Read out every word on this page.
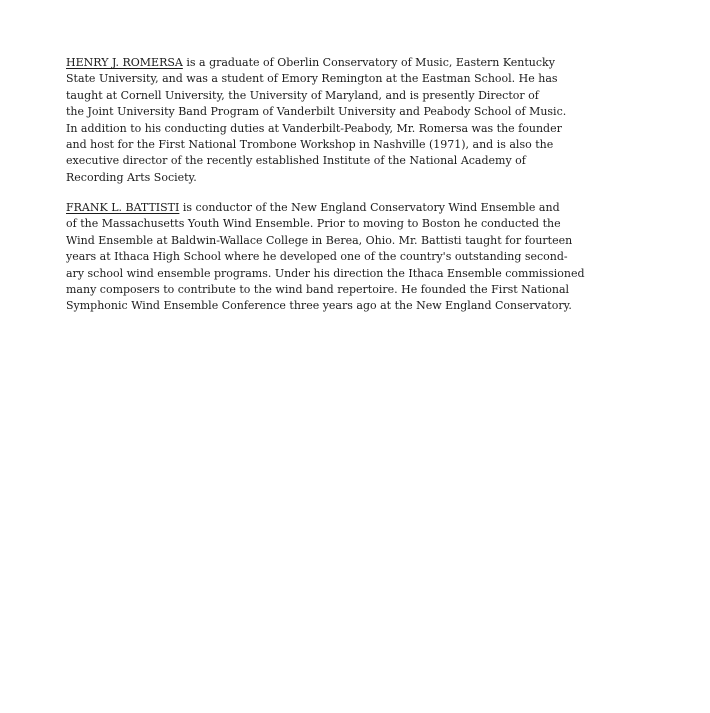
HENRY J. ROMERSA is a graduate of Oberlin Conservatory of Music, Eastern Kentucky
State University, and was a student of Emory Remington at the Eastman School. He has
taught at Cornell University, the University of Maryland, and is presently Director of
the Joint University Band Program of Vanderbilt University and Peabody School of Music.
In addition to his conducting duties at Vanderbilt-Peabody, Mr. Romersa was the founder
and host for the First National Trombone Workshop in Nashville (1971), and is also the
executive director of the recently established Institute of the National Academy of
Recording Arts Society.

FRANK L. BATTISTI is conductor of the New England Conservatory Wind Ensemble and
of the Massachusetts Youth Wind Ensemble. Prior to moving to Boston he conducted the
Wind Ensemble at Baldwin-Wallace College in Berea, Ohio. Mr. Battisti taught for fourteen
years at Ithaca High School where he developed one of the country's outstanding second-
ary school wind ensemble programs. Under his direction the Ithaca Ensemble commissioned
many composers to contribute to the wind band repertoire. He founded the First National
Symphonic Wind Ensemble Conference three years ago at the New England Conservatory.
